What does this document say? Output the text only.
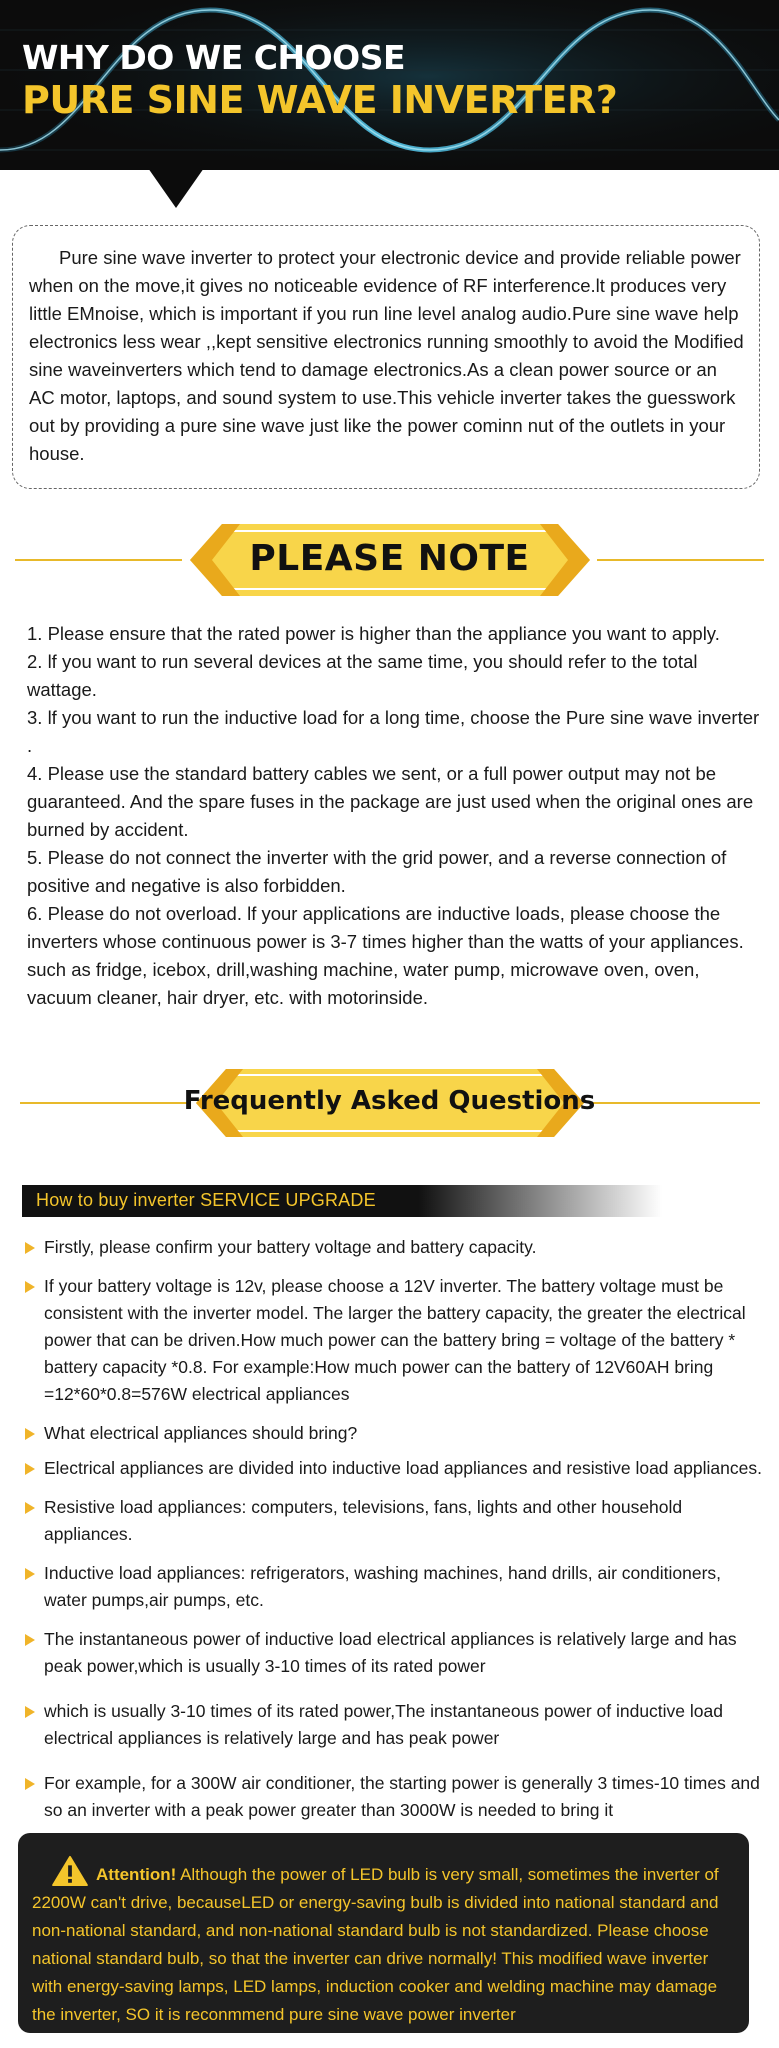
WHY DO WE CHOOSE
PURE SINE WAVE INVERTER?

Pure sine wave inverter to protect your electronic device and provide reliable power when on the move,it gives no noticeable evidence of RF interference.lt produces very little EMnoise, which is important if you run line level analog audio.Pure sine wave help electronics less wear ,,kept sensitive electronics running smoothly to avoid the Modified sine waveinverters which tend to damage electronics.As a clean power source or an AC motor, laptops, and sound system to use.This vehicle inverter takes the guesswork out by providing a pure sine wave just like the power cominn nut of the outlets in your house.

PLEASE NOTE

1. Please ensure that the rated power is higher than the appliance you want to apply.

2. lf you want to run several devices at the same time, you should refer to the total wattage.

3. lf you want to run the inductive load for a long time, choose the Pure sine wave inverter .

4. Please use the standard battery cables we sent, or a full power output may not be guaranteed. And the spare fuses in the package are just used when the original ones are burned by accident.

5. Please do not connect the inverter with the grid power, and a reverse connection of positive and negative is also forbidden.

6. Please do not overload. lf your applications are inductive loads, please choose the inverters whose continuous power is 3-7 times higher than the watts of your appliances. such as fridge, icebox, drill,washing machine, water pump, microwave oven, oven, vacuum cleaner, hair dryer, etc. with motorinside.

Frequently Asked Questions
How to buy inverter SERVICE UPGRADE
Firstly, please confirm your battery voltage and battery capacity.
If your battery voltage is 12v, please choose a 12V inverter. The battery voltage must be consistent with the inverter model. The larger the battery capacity, the greater the electrical power that can be driven.How much power can the battery bring = voltage of the battery * battery capacity *0.8. For example:How much power can the battery of 12V60AH bring =12*60*0.8=576W electrical appliances
What electrical appliances should bring?
Electrical appliances are divided into inductive load appliances and resistive load appliances.
Resistive load appliances: computers, televisions, fans, lights and other household appliances.
Inductive load appliances: refrigerators, washing machines, hand drills, air conditioners, water pumps,air pumps, etc.
The instantaneous power of inductive load electrical appliances is relatively large and has peak power,which is usually 3-10 times of its rated power
which is usually 3-10 times of its rated power,The instantaneous power of inductive load electrical appliances is relatively large and has peak power
For example, for a 300W air conditioner, the starting power is generally 3 times-10 times and so an inverter with a peak power greater than 3000W is needed to bring it

Attention! Although the power of LED bulb is very small, sometimes the inverter of 2200W can't drive, becauseLED or energy-saving bulb is divided into national standard and non-national standard, and non-national standard bulb is not standardized. Please choose national standard bulb, so that the inverter can drive normally! This modified wave inverter with energy-saving lamps, LED lamps, induction cooker and welding machine may damage the inverter, SO it is reconmmend pure sine wave power inverter
